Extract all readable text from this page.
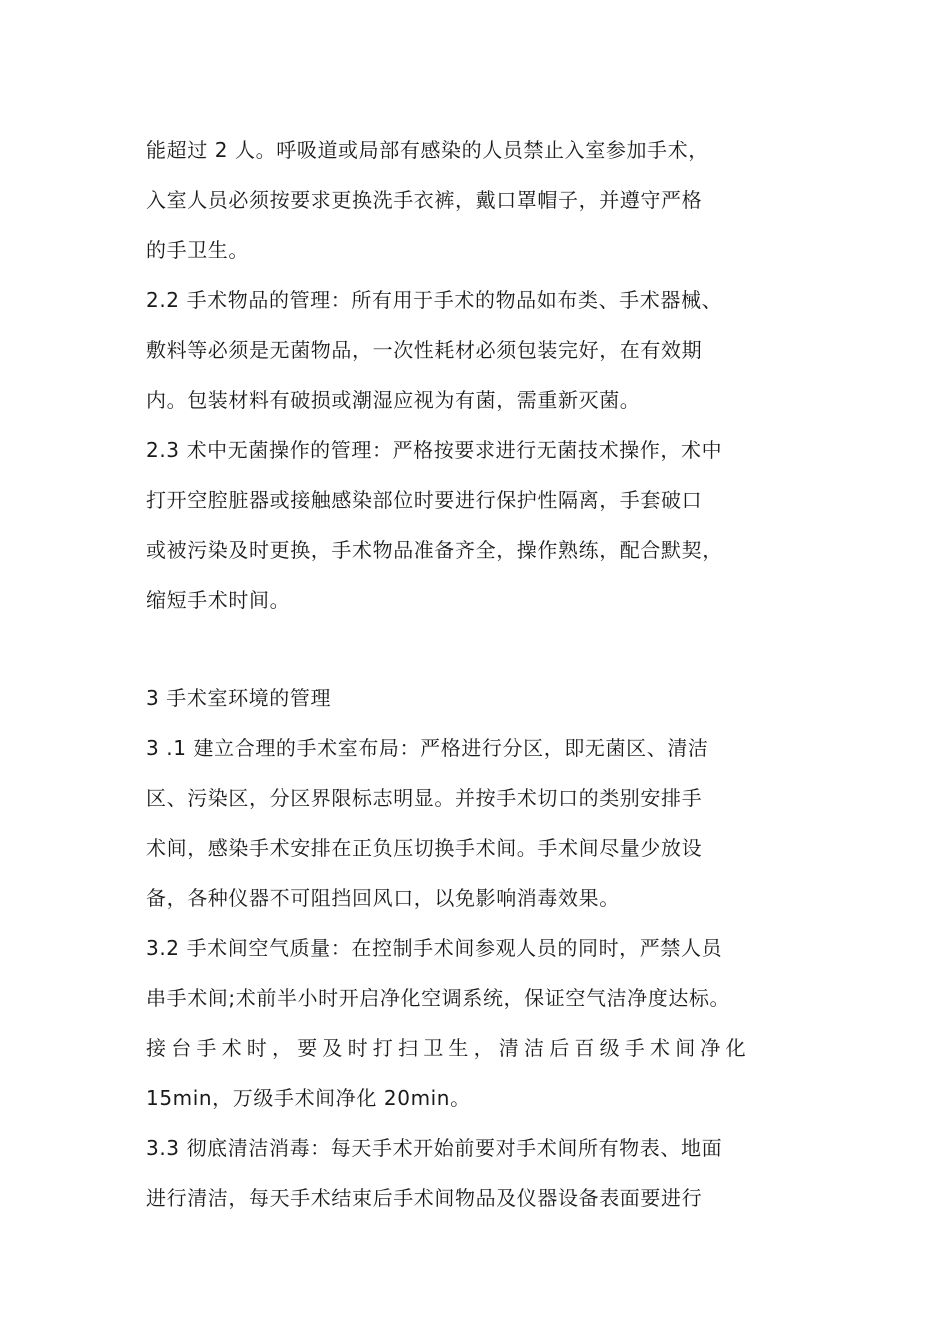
能超过 2 人。呼吸道或局部有感染的人员禁止入室参加手术，
入室人员必须按要求更换洗手衣裤，戴口罩帽子，并遵守严格
的手卫生。
2.2 手术物品的管理：所有用于手术的物品如布类、手术器械、
敷料等必须是无菌物品，一次性耗材必须包装完好，在有效期
内。包装材料有破损或潮湿应视为有菌，需重新灭菌。
2.3 术中无菌操作的管理：严格按要求进行无菌技术操作，术中
打开空腔脏器或接触感染部位时要进行保护性隔离，手套破口
或被污染及时更换，手术物品准备齐全，操作熟练，配合默契，
缩短手术时间。
3 手术室环境的管理
3 .1 建立合理的手术室布局：严格进行分区，即无菌区、清洁
区、污染区，分区界限标志明显。并按手术切口的类别安排手
术间，感染手术安排在正负压切换手术间。手术间尽量少放设
备，各种仪器不可阻挡回风口，以免影响消毒效果。
3.2 手术间空气质量：在控制手术间参观人员的同时，严禁人员
串手术间;术前半小时开启净化空调系统，保证空气洁净度达标。
接台手术时，要及时打扫卫生，清洁后百级手术间净化
15min，万级手术间净化 20min。
3.3 彻底清洁消毒：每天手术开始前要对手术间所有物表、地面
进行清洁，每天手术结束后手术间物品及仪器设备表面要进行
